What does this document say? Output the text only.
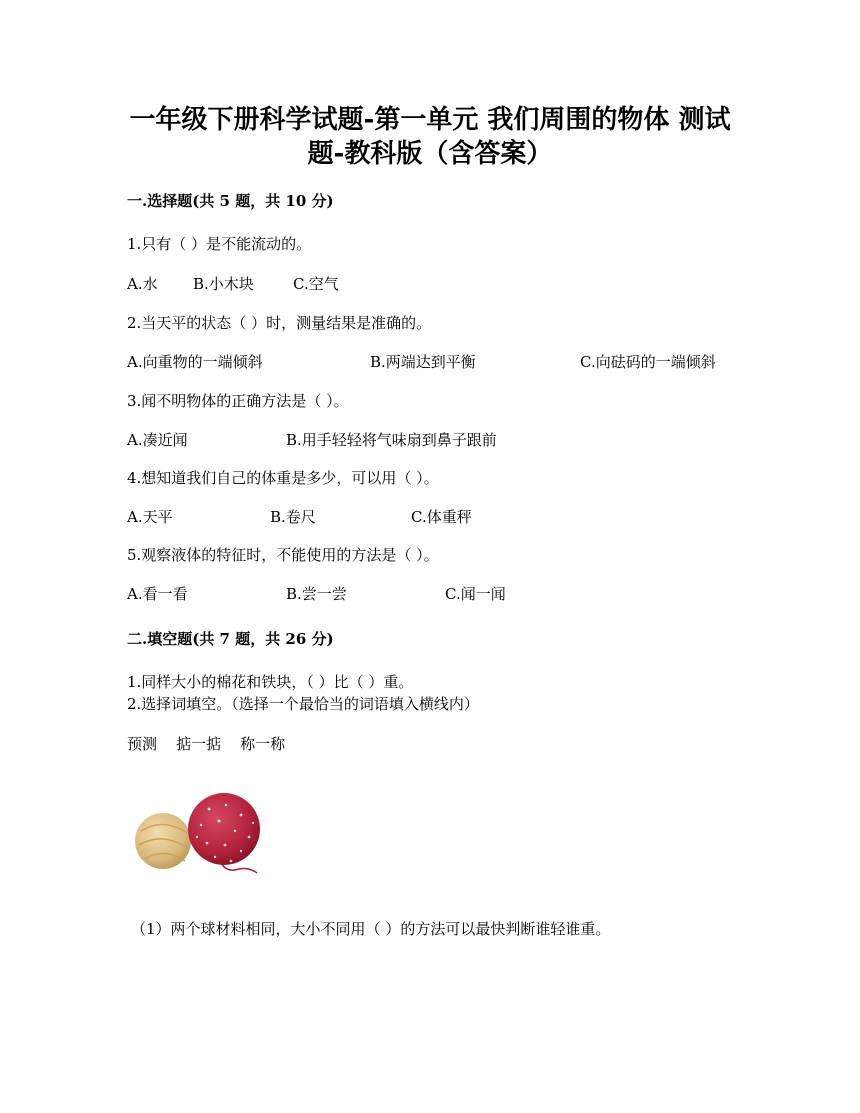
一年级下册科学试题-第一单元 我们周围的物体 测试
题-教科版（含答案）
一.选择题(共 5 题，共 10 分)
1.只有（ ）是不能流动的。
A.水 B.小木块	C.空气
2.当天平的状态（ ）时，测量结果是准确的。
A.向重物的一端倾斜	B.两端达到平衡	C.向砝码的一端倾斜
3.闻不明物体的正确方法是（ ）。
A.凑近闻	B.用手轻轻将气味扇到鼻子跟前
4.想知道我们自己的体重是多少，可以用（ ）。
A.天平	B.卷尺	C.体重秤
5.观察液体的特征时，不能使用的方法是（ ）。
A.看一看	B.尝一尝	C.闻一闻
二.填空题(共 7 题，共 26 分)
1.同样大小的棉花和铁块，（ ）比（ ）重。
2.选择词填空。（选择一个最恰当的词语填入横线内）
预测    掂一掂    称一称
（1）两个球材料相同，大小不同用（ ）的方法可以最快判断谁轻谁重。
